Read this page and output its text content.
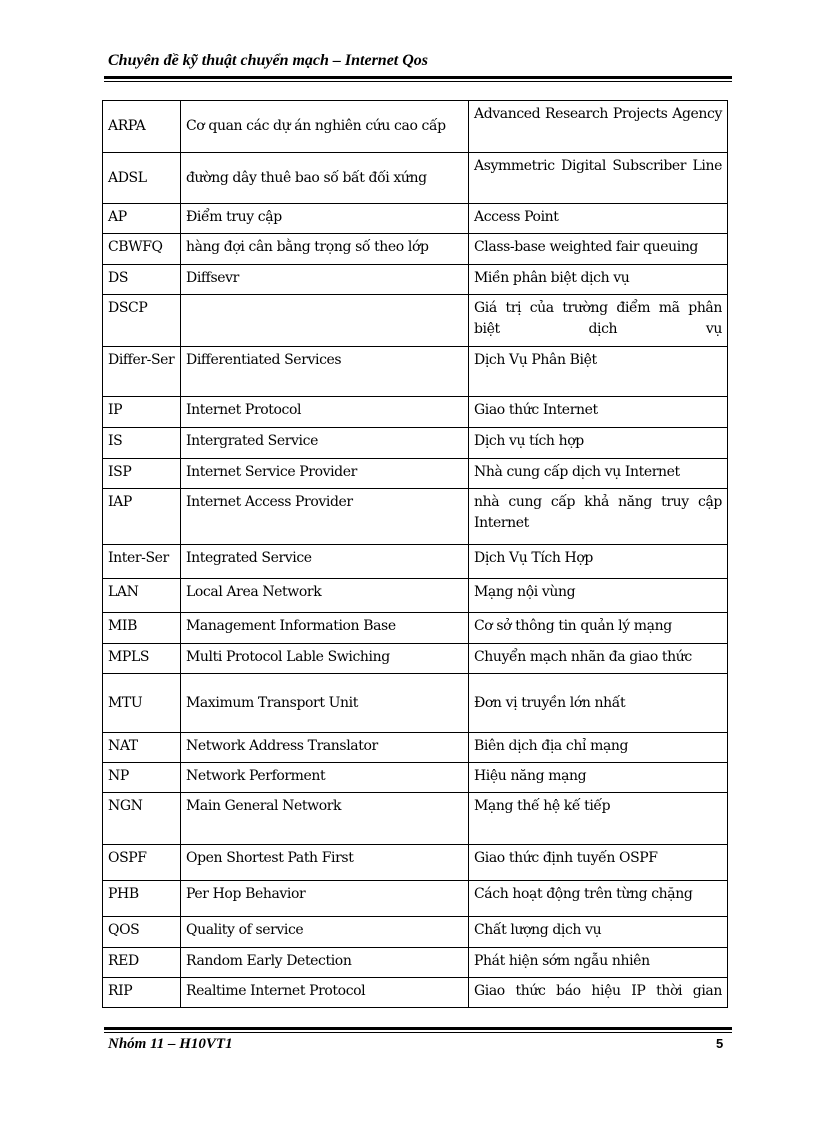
Chuyên đề kỹ thuật chuyển mạch – Internet Qos
ARPA	Cơ quan các dự án nghiên cứu cao cấp	Advanced Research Projects Agency
ADSL	đường dây thuê bao số bất đối xứng	Asymmetric Digital Subscriber Line
AP	Điểm truy cập	Access Point
CBWFQ	hàng đợi cân bằng trọng số theo lớp	Class-base weighted fair queuing
DS	Diffsevr	Miền phân biệt dịch vụ
DSCP		Giá trị của trường điểm mã phân biệt dịch vụ
Differ-Ser	Differentiated Services	Dịch Vụ Phân Biệt
IP	Internet Protocol	Giao thức Internet
IS	Intergrated Service	Dịch vụ tích hợp
ISP	Internet Service Provider	Nhà cung cấp dịch vụ Internet
IAP	Internet Access Provider	nhà cung cấp khả năng truy cập Internet
Inter-Ser	Integrated Service	Dịch Vụ Tích Hợp
LAN	Local Area Network	Mạng nội vùng
MIB	Management Information Base	Cơ sở thông tin quản lý mạng
MPLS	Multi Protocol Lable Swiching	Chuyển mạch nhãn đa giao thức
MTU	Maximum Transport Unit	Đơn vị truyền lớn nhất
NAT	Network Address Translator	Biên dịch địa chỉ mạng
NP	Network Performent	Hiệu năng mạng
NGN	Main General Network	Mạng thế hệ kế tiếp
OSPF	Open Shortest Path First	Giao thức định tuyến OSPF
PHB	Per Hop Behavior	Cách hoạt động trên từng chặng
QOS	Quality of service	Chất lượng dịch vụ
RED	Random Early Detection	Phát hiện sớm ngẫu nhiên
RIP	Realtime Internet Protocol	Giao thức báo hiệu IP thời gian
Nhóm 11 – H10VT1	5
